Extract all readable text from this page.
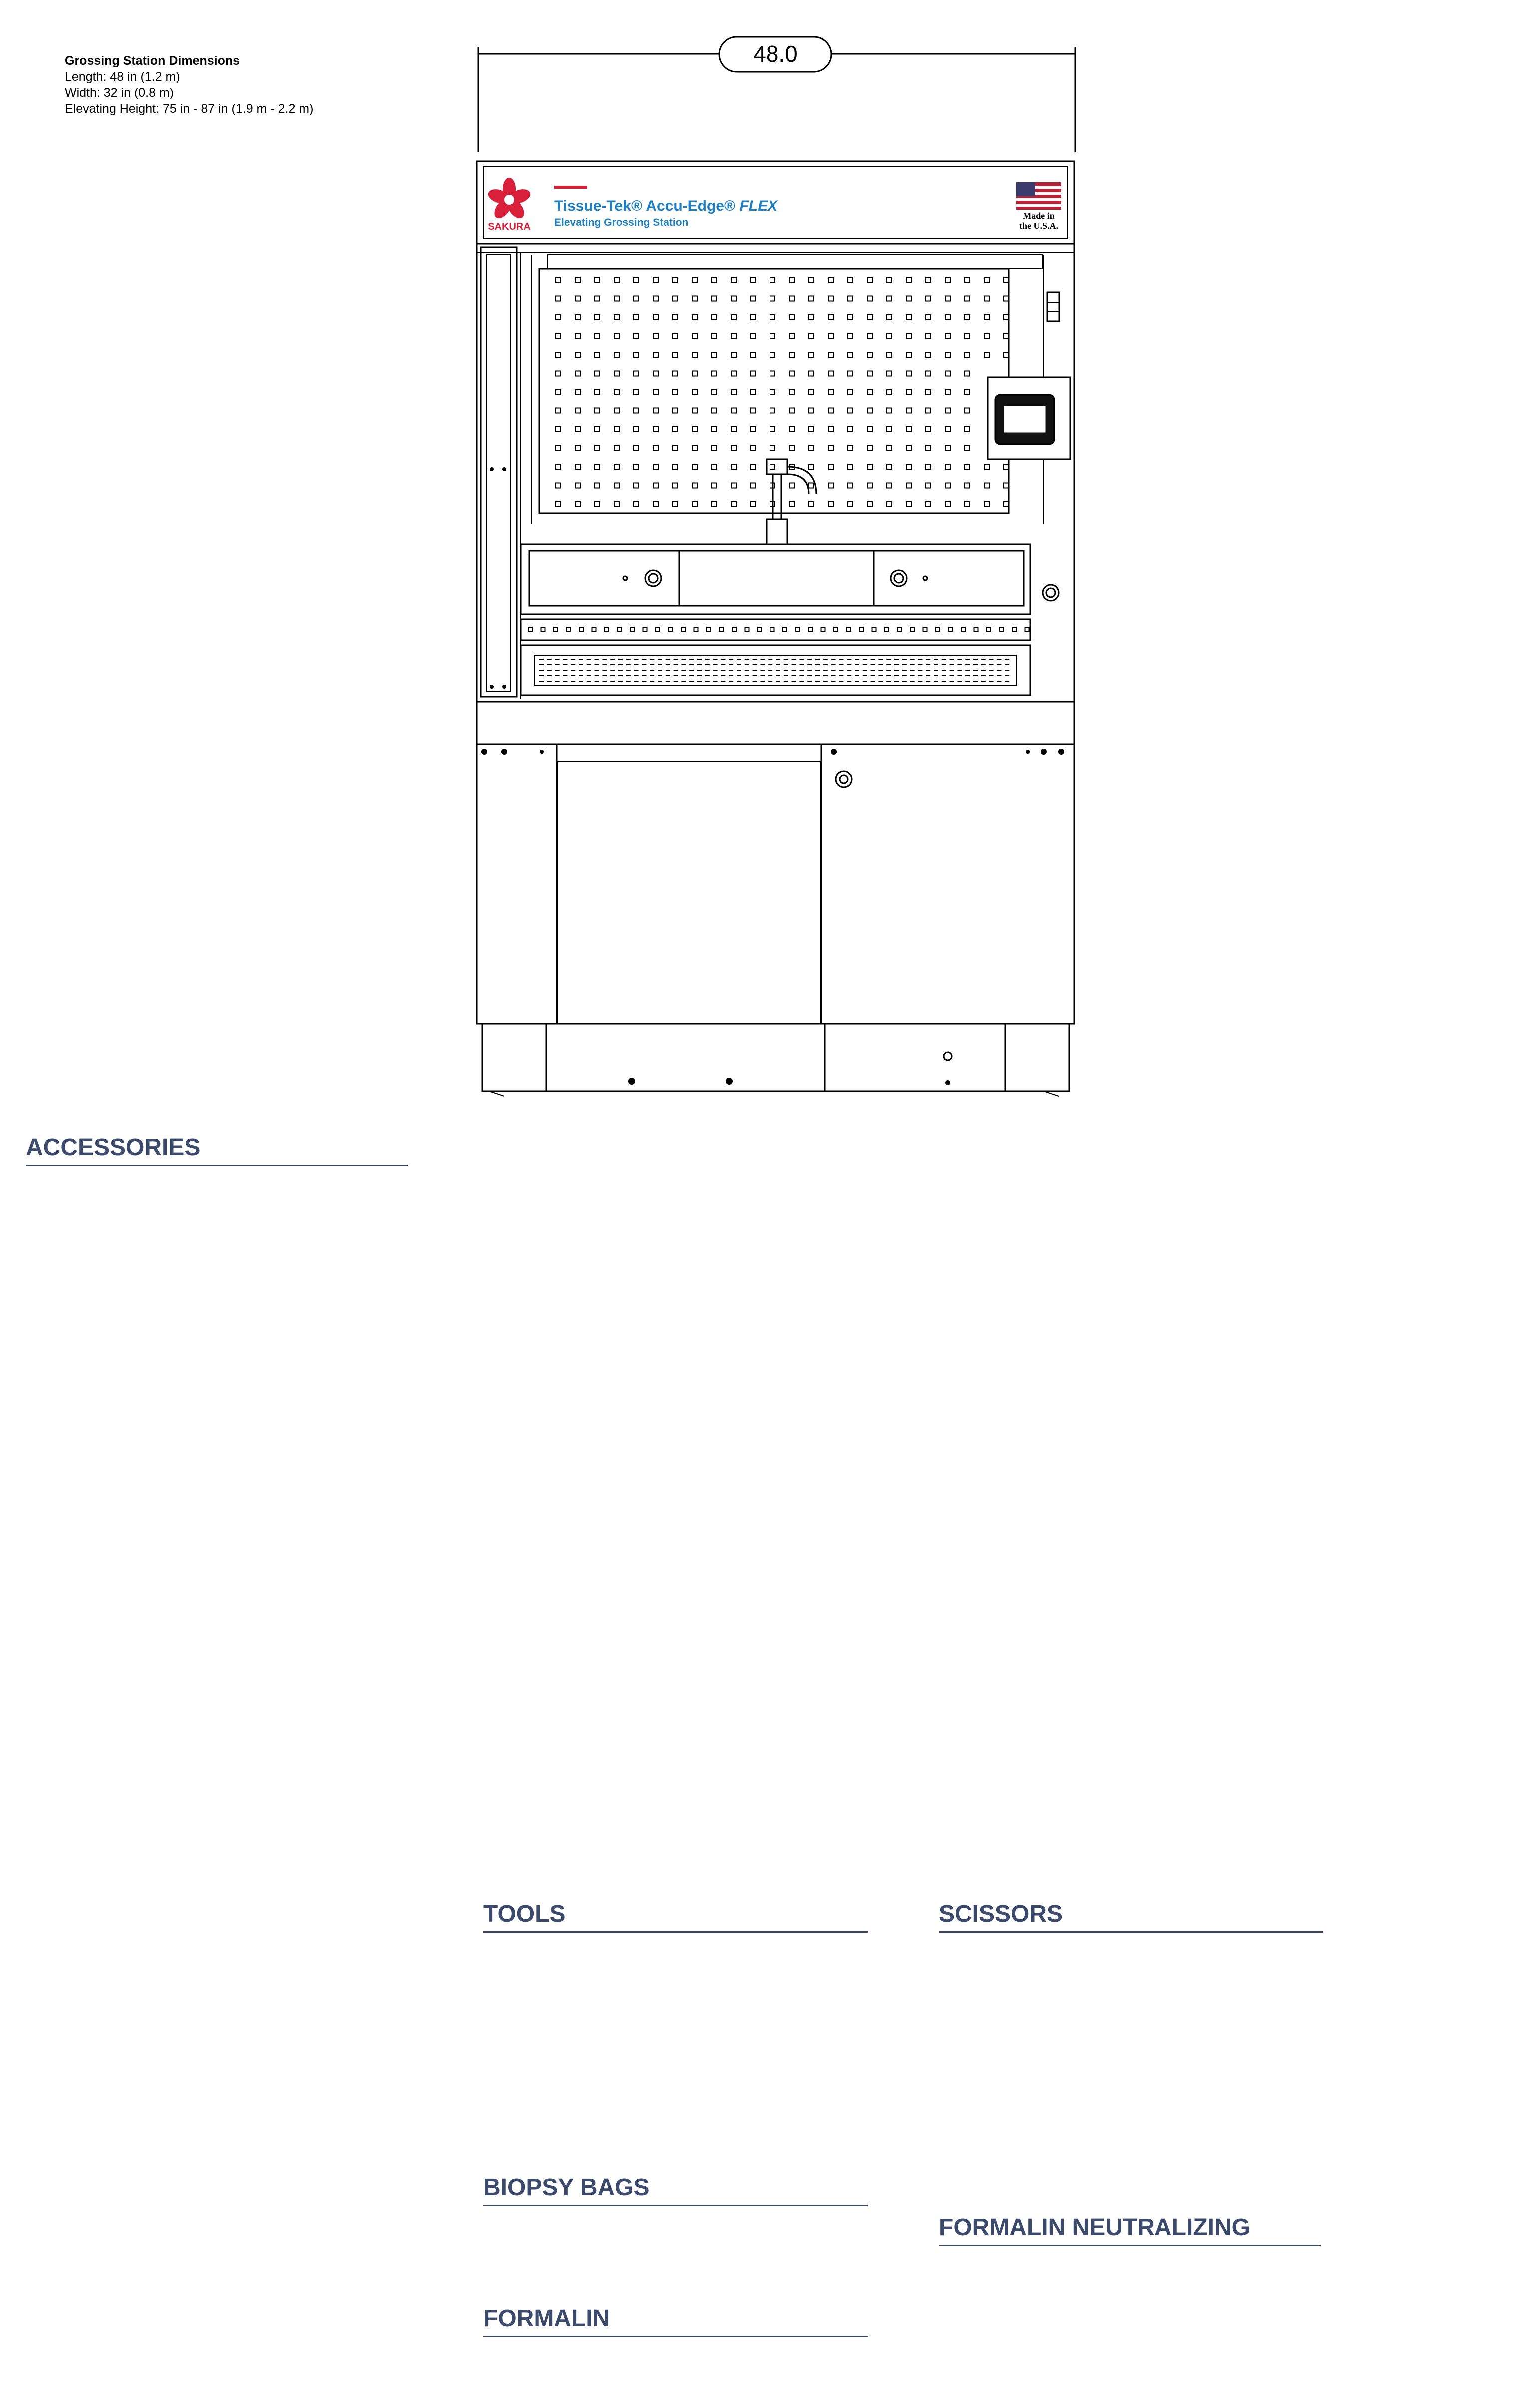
Grossing Station Dimensions
Length: 48 in (1.2 m)
Width: 32 in (0.8 m)
Elevating Height: 75 in - 87 in (1.9 m - 2.2 m)
SAKURA
Tissue-Tek® Accu-Edge® FLEX
Elevating Grossing Station
Made in
the U.S.A.
48.0
ACCESSORIES
TOOLS	SCISSORS
BIOPSY BAGS
FORMALIN NEUTRALIZING
FORMALIN
